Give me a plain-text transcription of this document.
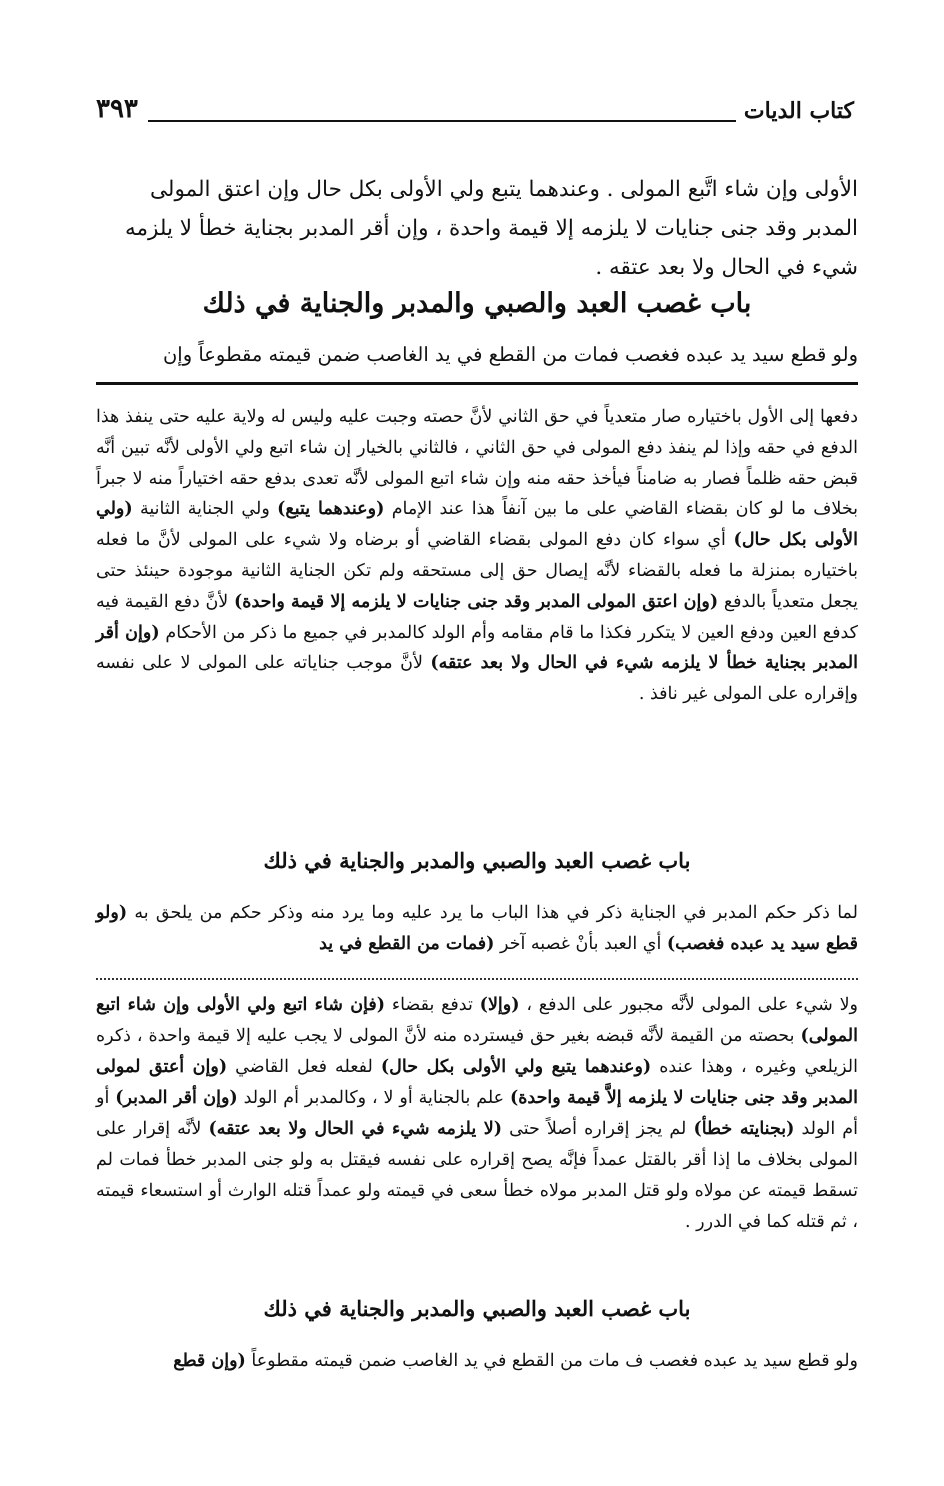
كتاب الديات
٣٩٣
الأولى وإن شاء اتَّبع المولى . وعندهما يتبع ولي الأولى بكل حال وإن اعتق المولى
المدبر وقد جنى جنايات لا يلزمه إلا قيمة واحدة ، وإن أقر المدبر بجناية خطأ لا يلزمه
شيء في الحال ولا بعد عتقه .
باب غصب العبد والصبي والمدبر والجناية في ذلك
ولو قطع سيد يد عبده فغصب فمات من القطع في يد الغاصب ضمن قيمته مقطوعاً وإن
دفعها إلى الأول باختياره صار متعدياً في حق الثاني لأنَّ حصته وجبت عليه وليس له ولاية عليه حتى ينفذ هذا الدفع في حقه وإذا لم ينفذ دفع المولى في حق الثاني ، فالثاني بالخيار إن شاء اتبع ولي الأولى لأنَّه تبين أنَّه قبض حقه ظلماً فصار به ضامناً فيأخذ حقه منه وإن شاء اتبع المولى لأنَّه تعدى بدفع حقه اختياراً منه لا جبراً بخلاف ما لو كان بقضاء القاضي على ما بين آنفاً هذا عند الإمام (وعندهما يتبع) ولي الجناية الثانية (ولي الأولى بكل حال) أي سواء كان دفع المولى بقضاء القاضي أو برضاه ولا شيء على المولى لأنَّ ما فعله باختياره بمنزلة ما فعله بالقضاء لأنَّه إيصال حق إلى مستحقه ولم تكن الجناية الثانية موجودة حينئذ حتى يجعل متعدياً بالدفع (وإن اعتق المولى المدبر وقد جنى جنايات لا يلزمه إلا قيمة واحدة) لأنَّ دفع القيمة فيه كدفع العين ودفع العين لا يتكرر فكذا ما قام مقامه وأم الولد كالمدبر في جميع ما ذكر من الأحكام (وإن أقر المدبر بجناية خطأ لا يلزمه شيء في الحال ولا بعد عتقه) لأنَّ موجب جناياته على المولى لا على نفسه وإقراره على المولى غير نافذ .
باب غصب العبد والصبي والمدبر والجناية في ذلك
لما ذكر حكم المدبر في الجناية ذكر في هذا الباب ما يرد عليه وما يرد منه وذكر حكم من يلحق به (ولو قطع سيد يد عبده فغصب) أي العبد بأنْ غصبه آخر (فمات من القطع في يد
ولا شيء على المولى لأنَّه مجبور على الدفع ، (وإلا) تدفع بقضاء (فإن شاء اتبع ولي الأولى وإن شاء اتبع المولى) بحصته من القيمة لأنَّه قبضه بغير حق فيسترده منه لأنَّ المولى لا يجب عليه إلا قيمة واحدة ، ذكره الزيلعي وغيره ، وهذا عنده (وعندهما يتبع ولي الأولى بكل حال) لفعله فعل القاضي (وإن أعتق لمولى المدبر وقد جنى جنايات لا يلزمه إلاَّ قيمة واحدة) علم بالجناية أو لا ، وكالمدبر أم الولد (وإن أقر المدبر) أو أم الولد (بجنايته خطأ) لم يجز إقراره أصلاً حتى (لا يلزمه شيء في الحال ولا بعد عتقه) لأنَّه إقرار على المولى بخلاف ما إذا أقر بالقتل عمداً فإنَّه يصح إقراره على نفسه فيقتل به ولو جنى المدبر خطأ فمات لم تسقط قيمته عن مولاه ولو قتل المدبر مولاه خطأ سعى في قيمته ولو عمداً قتله الوارث أو استسعاء قيمته ، ثم قتله كما في الدرر .
باب غصب العبد والصبي والمدبر والجناية في ذلك
ولو قطع سيد يد عبده فغصب ف مات من القطع في يد الغاصب ضمن قيمته مقطوعاً (وإن قطع
